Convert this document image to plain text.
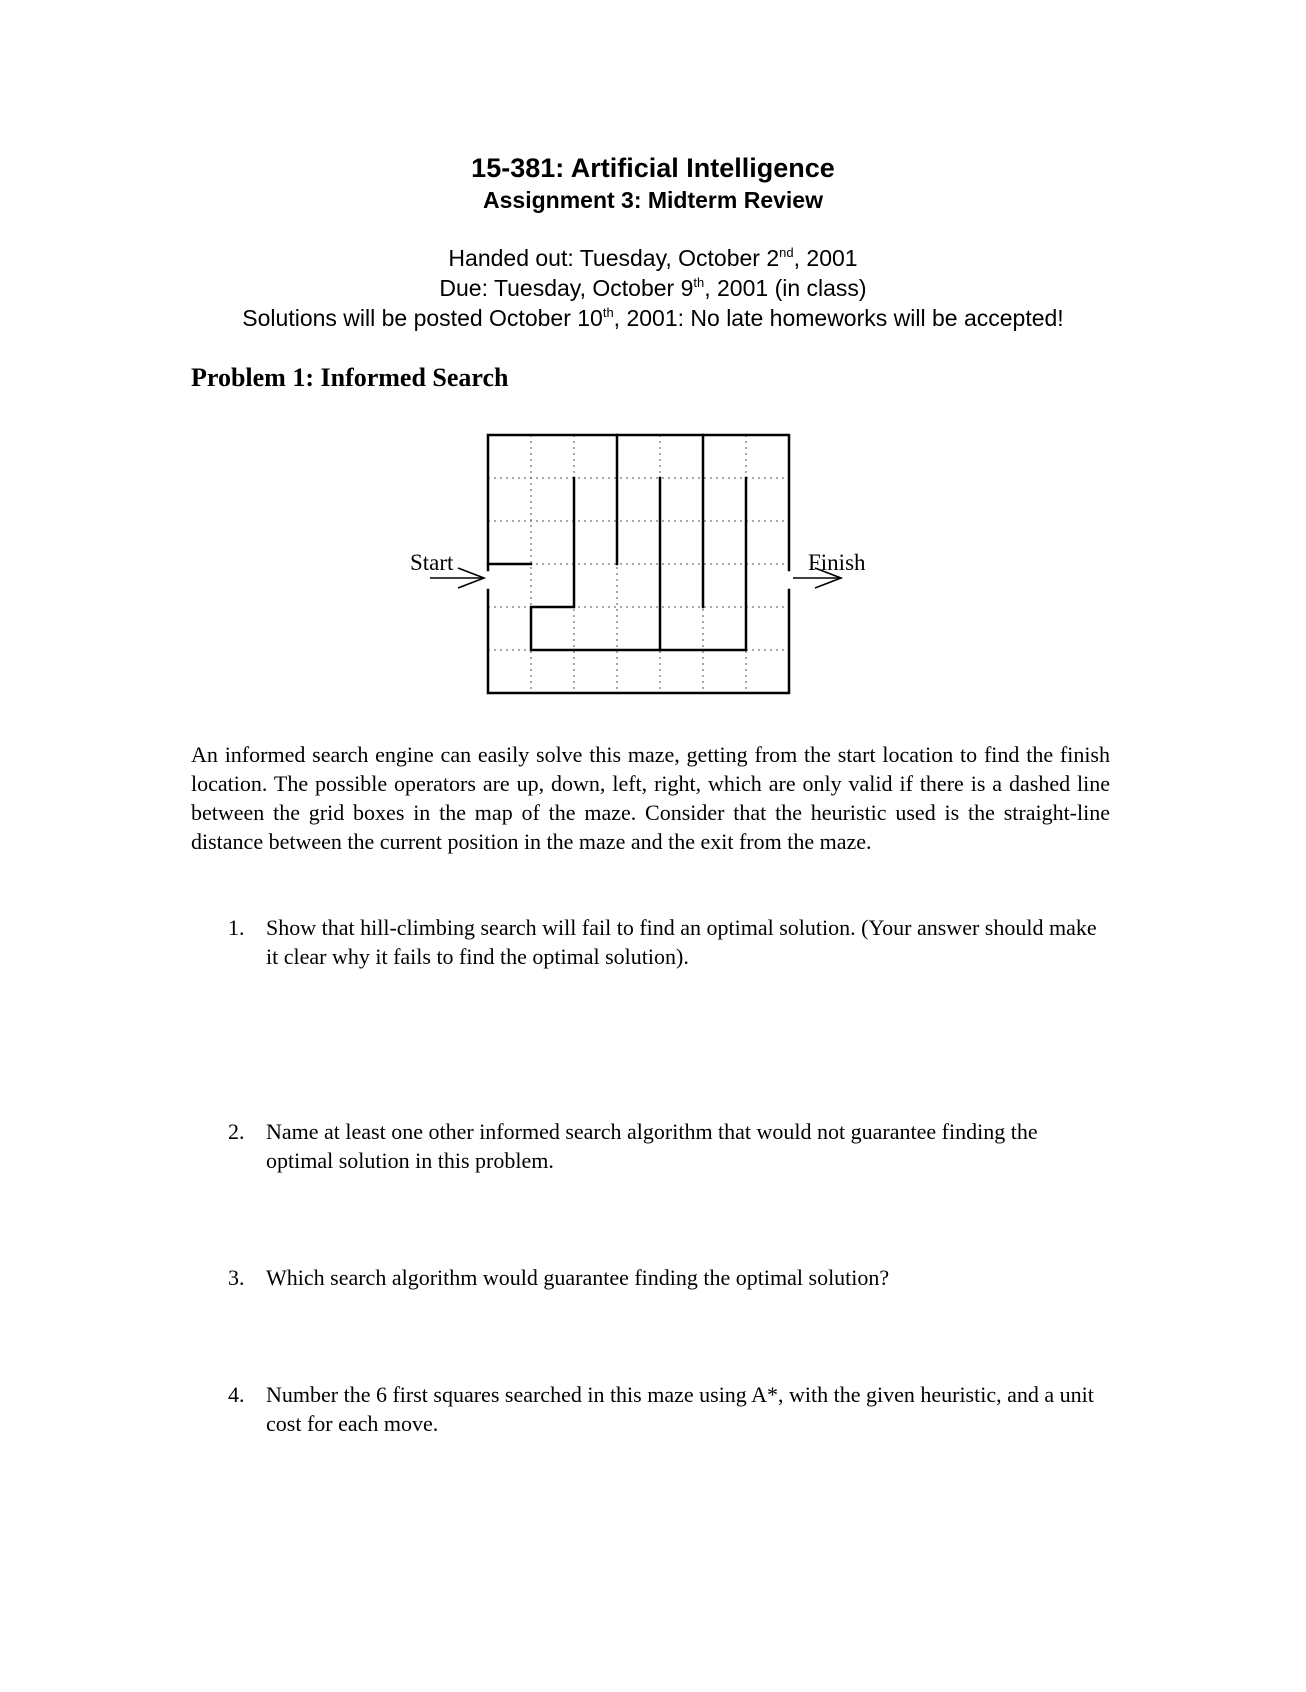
15-381: Artificial Intelligence
Assignment 3: Midterm Review
Handed out: Tuesday, October 2nd, 2001
Due: Tuesday, October 9th, 2001 (in class)
Solutions will be posted October 10th, 2001: No late homeworks will be accepted!
Problem 1: Informed Search
Start	Finish

An informed search engine can easily solve this maze, getting from the start location to find the finish location. The possible operators are up, down, left, right, which are only valid if there is a dashed line between the grid boxes in the map of the maze. Consider that the heuristic used is the straight-line distance between the current position in the maze and the exit from the maze.

1. Show that hill-climbing search will fail to find an optimal solution. (Your answer should make it clear why it fails to find the optimal solution).
2. Name at least one other informed search algorithm that would not guarantee finding the optimal solution in this problem.
3. Which search algorithm would guarantee finding the optimal solution?
4. Number the 6 first squares searched in this maze using A*, with the given heuristic, and a unit cost for each move.
